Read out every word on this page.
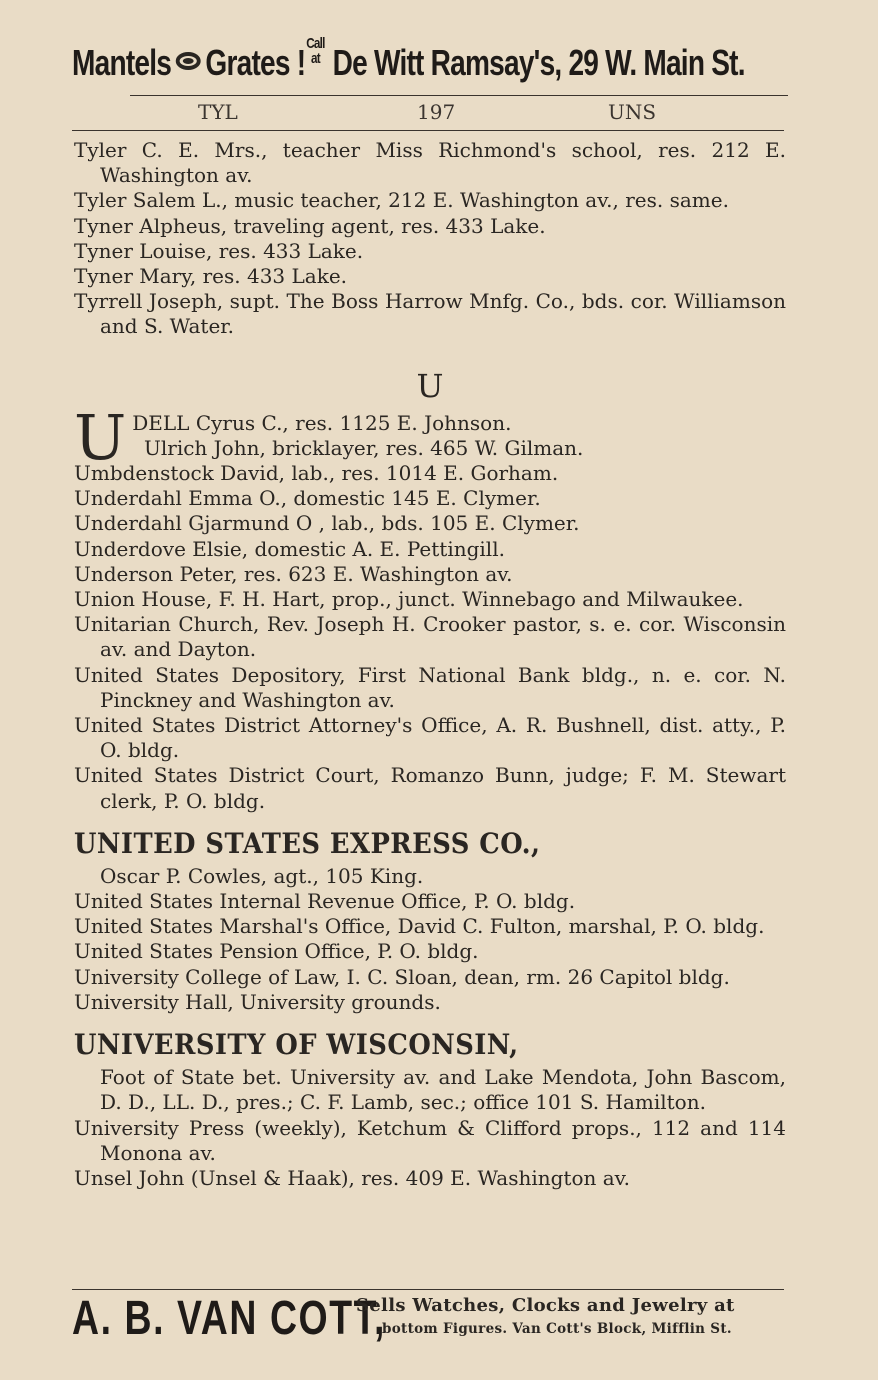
Mantels Grates ! Call
at De Witt Ramsay's, 29 W. Main St.
TYL	197	UNS

Tyler C. E. Mrs., teacher Miss Richmond's school, res. 212 E. Washington av.

Tyler Salem L., music teacher, 212 E. Washington av., res. same.

Tyner Alpheus, traveling agent, res. 433 Lake.

Tyner Louise, res. 433 Lake.

Tyner Mary, res. 433 Lake.

Tyrrell Joseph, supt. The Boss Harrow Mnfg. Co., bds. cor. Williamson and S. Water.

U
U DELL Cyrus C., res. 1125 E. Johnson.
Ulrich John, bricklayer, res. 465 W. Gilman.

Umbdenstock David, lab., res. 1014 E. Gorham.

Underdahl Emma O., domestic 145 E. Clymer.

Underdahl Gjarmund O , lab., bds. 105 E. Clymer.

Underdove Elsie, domestic A. E. Pettingill.

Underson Peter, res. 623 E. Washington av.

Union House, F. H. Hart, prop., junct. Winnebago and Milwaukee.

Unitarian Church, Rev. Joseph H. Crooker pastor, s. e. cor. Wisconsin av. and Dayton.

United States Depository, First National Bank bldg., n. e. cor. N. Pinckney and Washington av.

United States District Attorney's Office, A. R. Bushnell, dist. atty., P. O. bldg.

United States District Court, Romanzo Bunn, judge; F. M. Stewart clerk, P. O. bldg.

UNITED STATES EXPRESS CO.,

Oscar P. Cowles, agt., 105 King.

United States Internal Revenue Office, P. O. bldg.

United States Marshal's Office, David C. Fulton, marshal, P. O. bldg.

United States Pension Office, P. O. bldg.

University College of Law, I. C. Sloan, dean, rm. 26 Capitol bldg.

University Hall, University grounds.

UNIVERSITY OF WISCONSIN,

Foot of State bet. University av. and Lake Mendota, John Bascom, D. D., LL. D., pres.; C. F. Lamb, sec.; office 101 S. Hamilton.

University Press (weekly), Ketchum & Clifford props., 112 and 114 Monona av.

Unsel John (Unsel & Haak), res. 409 E. Washington av.

A. B. VAN COTT,
Sells Watches, Clocks and Jewelry at
bottom Figures. Van Cott's Block, Mifflin St.
